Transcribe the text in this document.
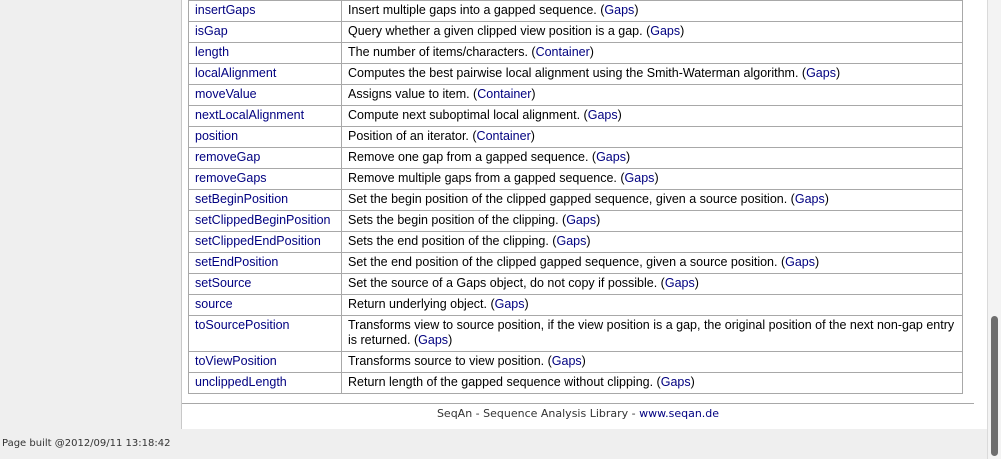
insertGaps	Insert multiple gaps into a gapped sequence. (Gaps)
isGap	Query whether a given clipped view position is a gap. (Gaps)
length	The number of items/characters. (Container)
localAlignment	Computes the best pairwise local alignment using the Smith-Waterman algorithm. (Gaps)
moveValue	Assigns value to item. (Container)
nextLocalAlignment	Compute next suboptimal local alignment. (Gaps)
position	Position of an iterator. (Container)
removeGap	Remove one gap from a gapped sequence. (Gaps)
removeGaps	Remove multiple gaps from a gapped sequence. (Gaps)
setBeginPosition	Set the begin position of the clipped gapped sequence, given a source position. (Gaps)
setClippedBeginPosition	Sets the begin position of the clipping. (Gaps)
setClippedEndPosition	Sets the end position of the clipping. (Gaps)
setEndPosition	Set the end position of the clipped gapped sequence, given a source position. (Gaps)
setSource	Set the source of a Gaps object, do not copy if possible. (Gaps)
source	Return underlying object. (Gaps)
toSourcePosition	Transforms view to source position, if the view position is a gap, the original position of the next non-gap entry is returned. (Gaps)
toViewPosition	Transforms source to view position. (Gaps)
unclippedLength	Return length of the gapped sequence without clipping. (Gaps)
SeqAn - Sequence Analysis Library - www.seqan.de
Page built @2012/09/11 13:18:42
